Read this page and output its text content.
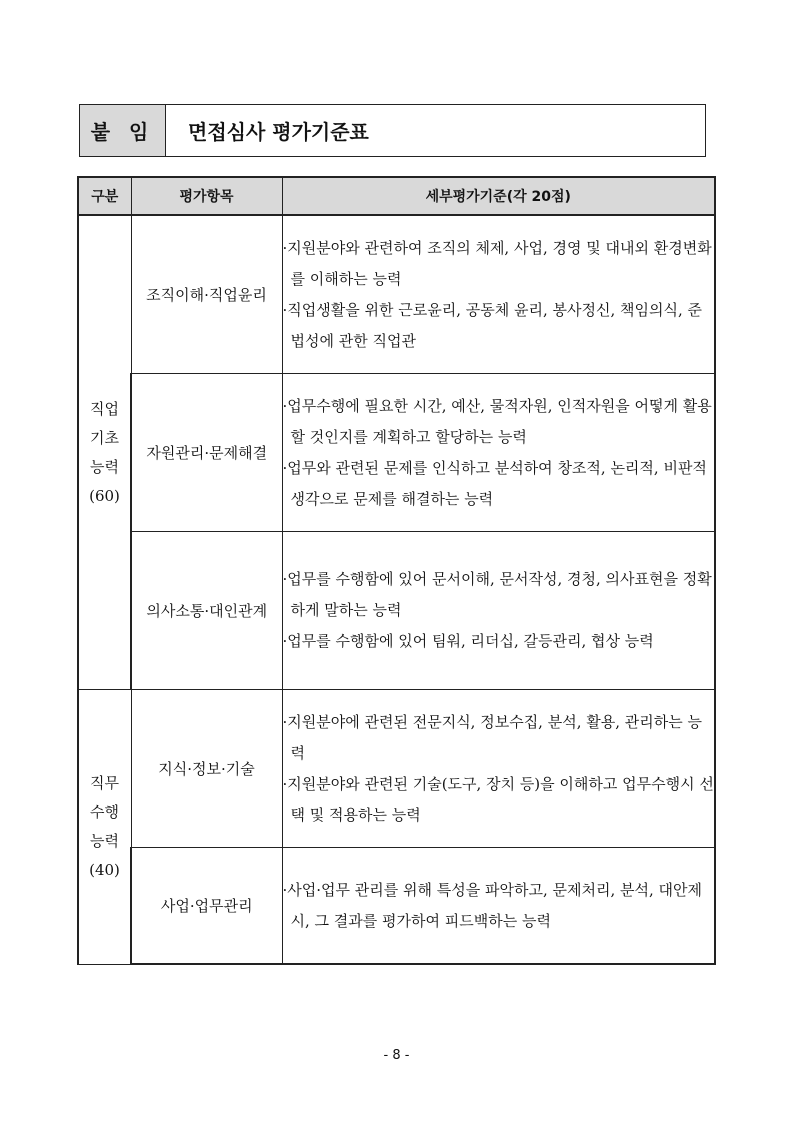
붙 임	면접심사 평가기준표
구분	평가항목	세부평가기준(각 20점)

직업
기초
능력
(60)	조직이해·직업윤리	·지원분야와 관련하여 조직의 체제, 사업, 경영 및 대내외 환경변화를 이해하는 능력
·직업생활을 위한 근로윤리, 공동체 윤리, 봉사정신, 책임의식, 준법성에 관한 직업관

	자원관리·문제해결	·업무수행에 필요한 시간, 예산, 물적자원, 인적자원을 어떻게 활용할 것인지를 계획하고 할당하는 능력
·업무와 관련된 문제를 인식하고 분석하여 창조적, 논리적, 비판적 생각으로 문제를 해결하는 능력

	의사소통·대인관계	·업무를 수행함에 있어 문서이해, 문서작성, 경청, 의사표현을 정확하게 말하는 능력
·업무를 수행함에 있어 팀워, 리더십, 갈등관리, 협상 능력

직무
수행
능력
(40)	지식·정보·기술	·지원분야에 관련된 전문지식, 정보수집, 분석, 활용, 관리하는 능력
·지원분야와 관련된 기술(도구, 장치 등)을 이해하고 업무수행시 선택 및 적용하는 능력

	사업·업무관리	·사업·업무 관리를 위해 특성을 파악하고, 문제처리, 분석, 대안제시, 그 결과를 평가하여 피드백하는 능력
- 8 -
